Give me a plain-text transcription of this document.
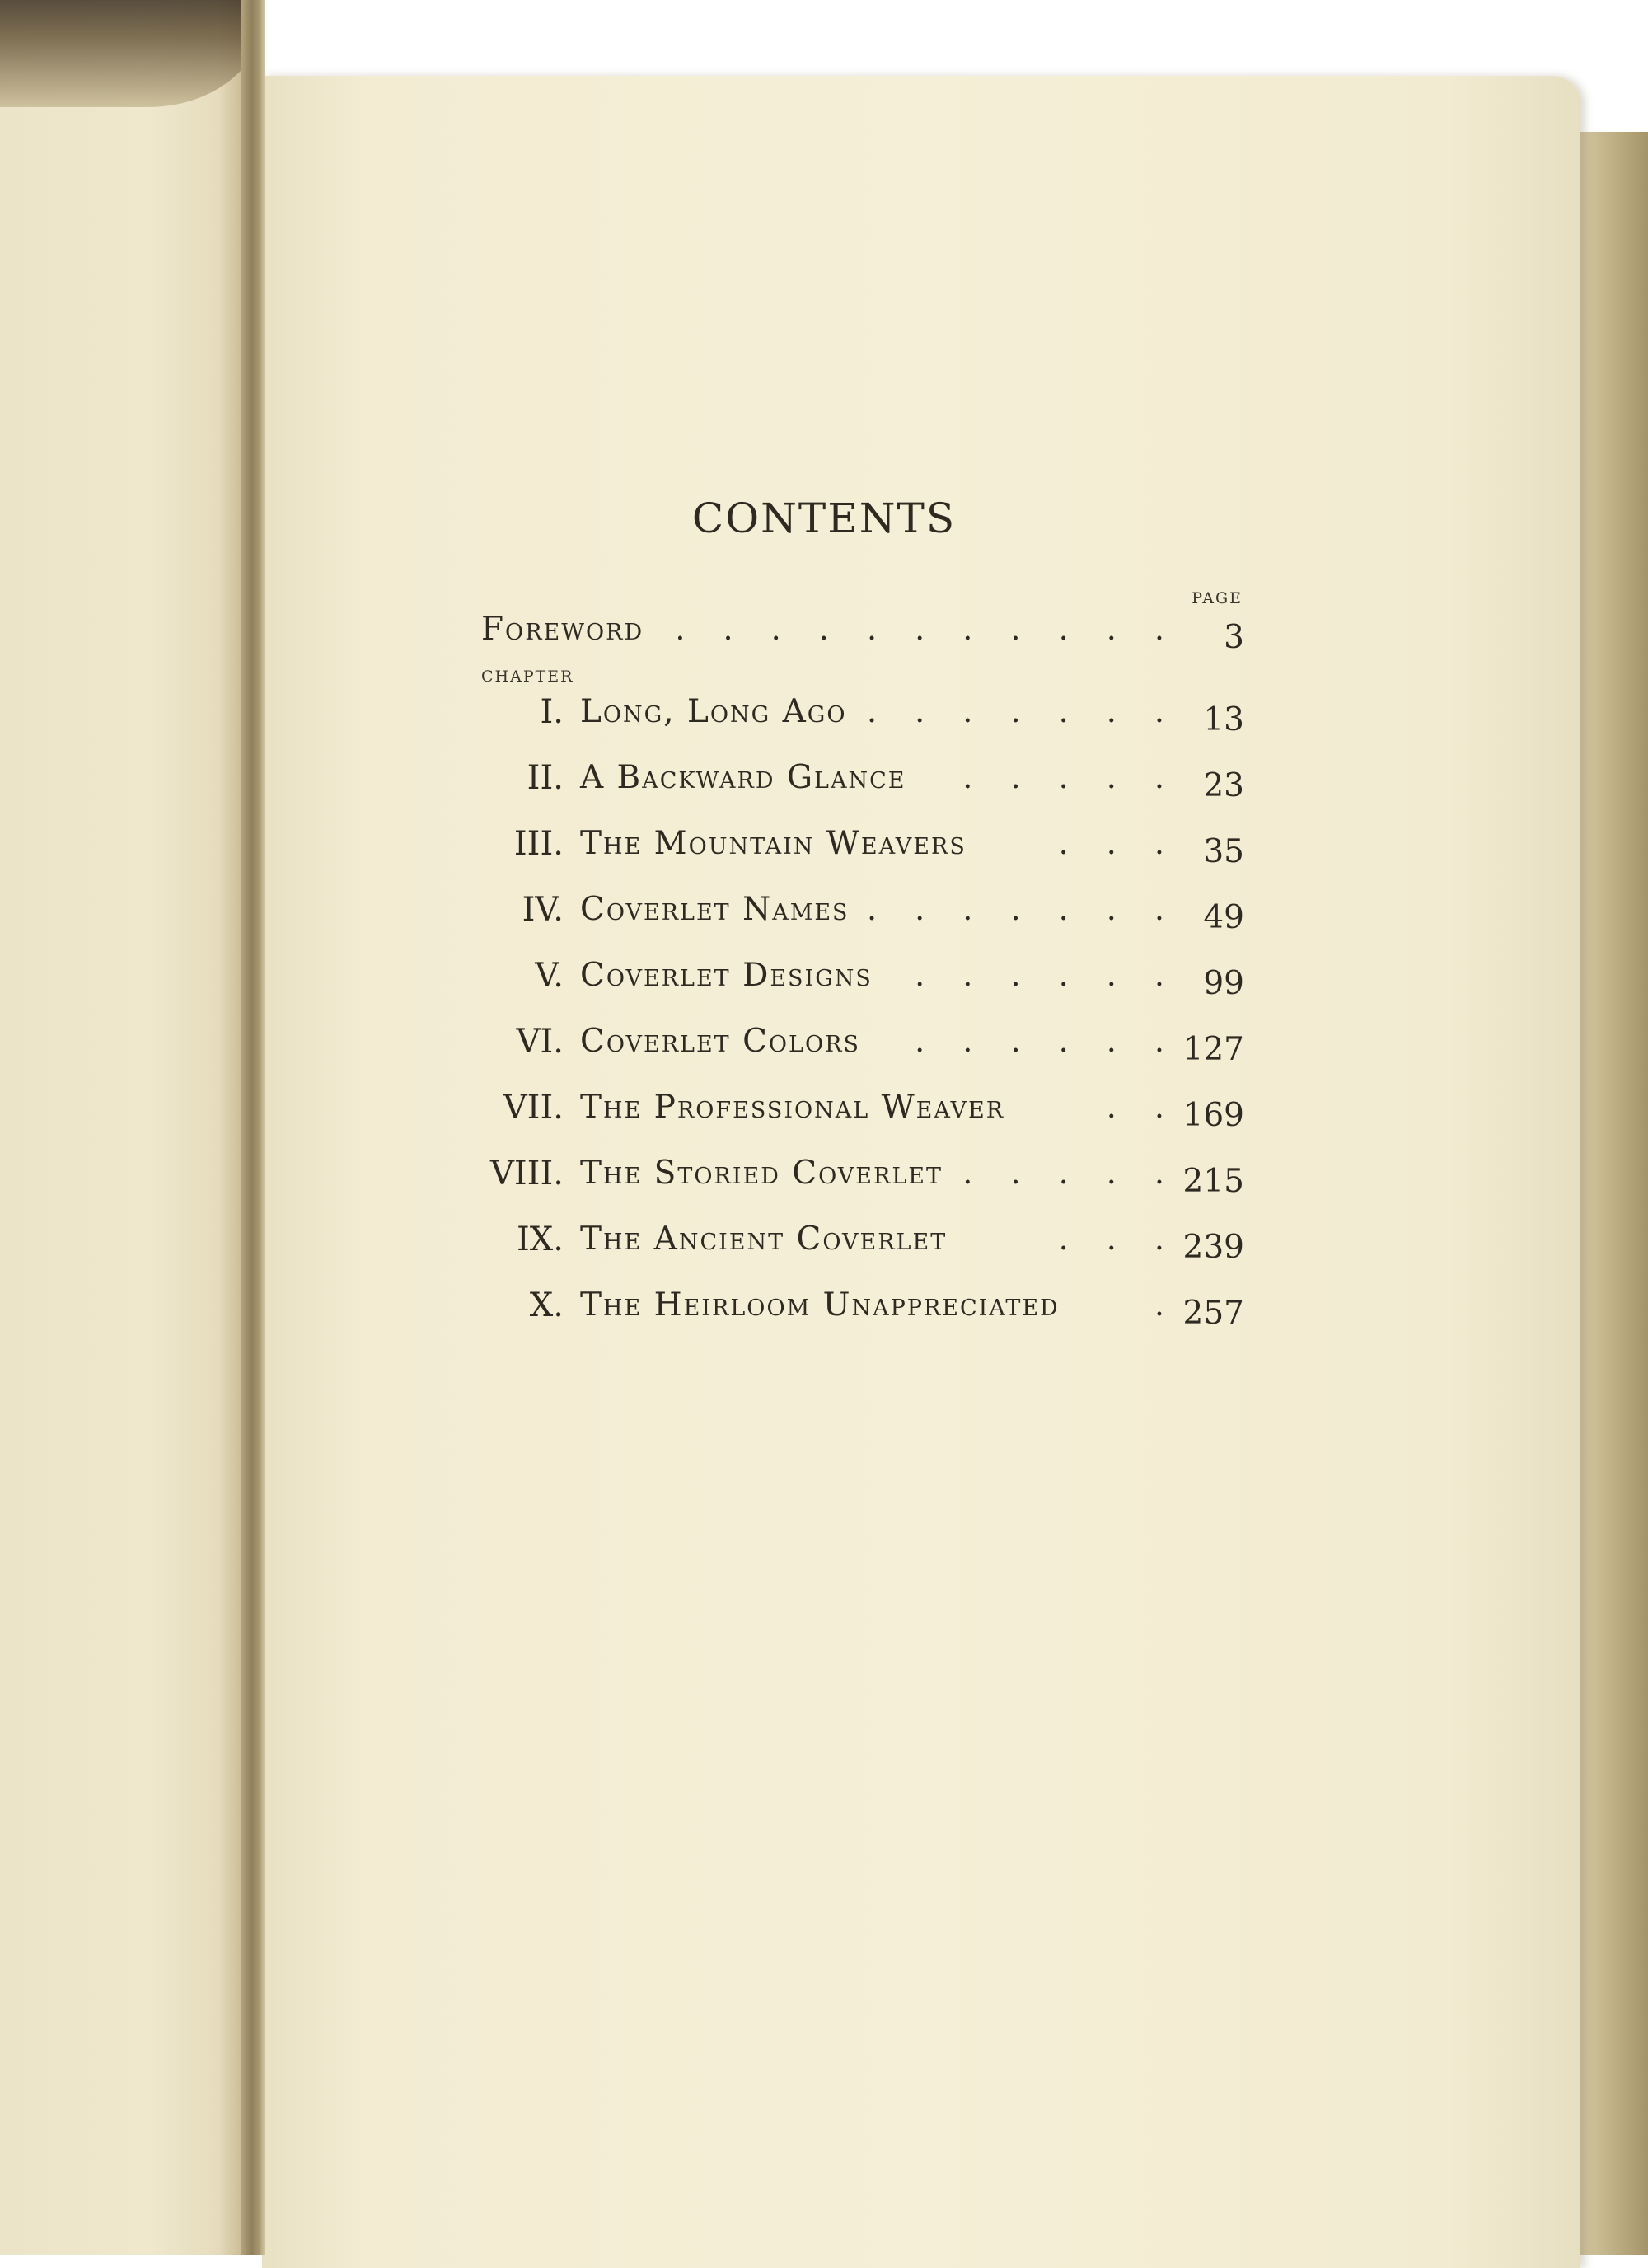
CONTENTS
PAGE
Foreword . . . . . . . . . . .	3
CHAPTER
I. Long, Long Ago . . . . . . . 13
II. A Backward Glance . . . . . 23
III. The Mountain Weavers	. . . 35
IV. Coverlet Names . . . . . . . 49
V. Coverlet Designs . . . . . . 99
VI. Coverlet Colors . . . . . . 127
VII. The Professional Weaver	. . 169
VIII. The Storied Coverlet . . . . . 215
IX. The Ancient Coverlet	. . . 239
X. The Heirloom Unappreciated	. 257
